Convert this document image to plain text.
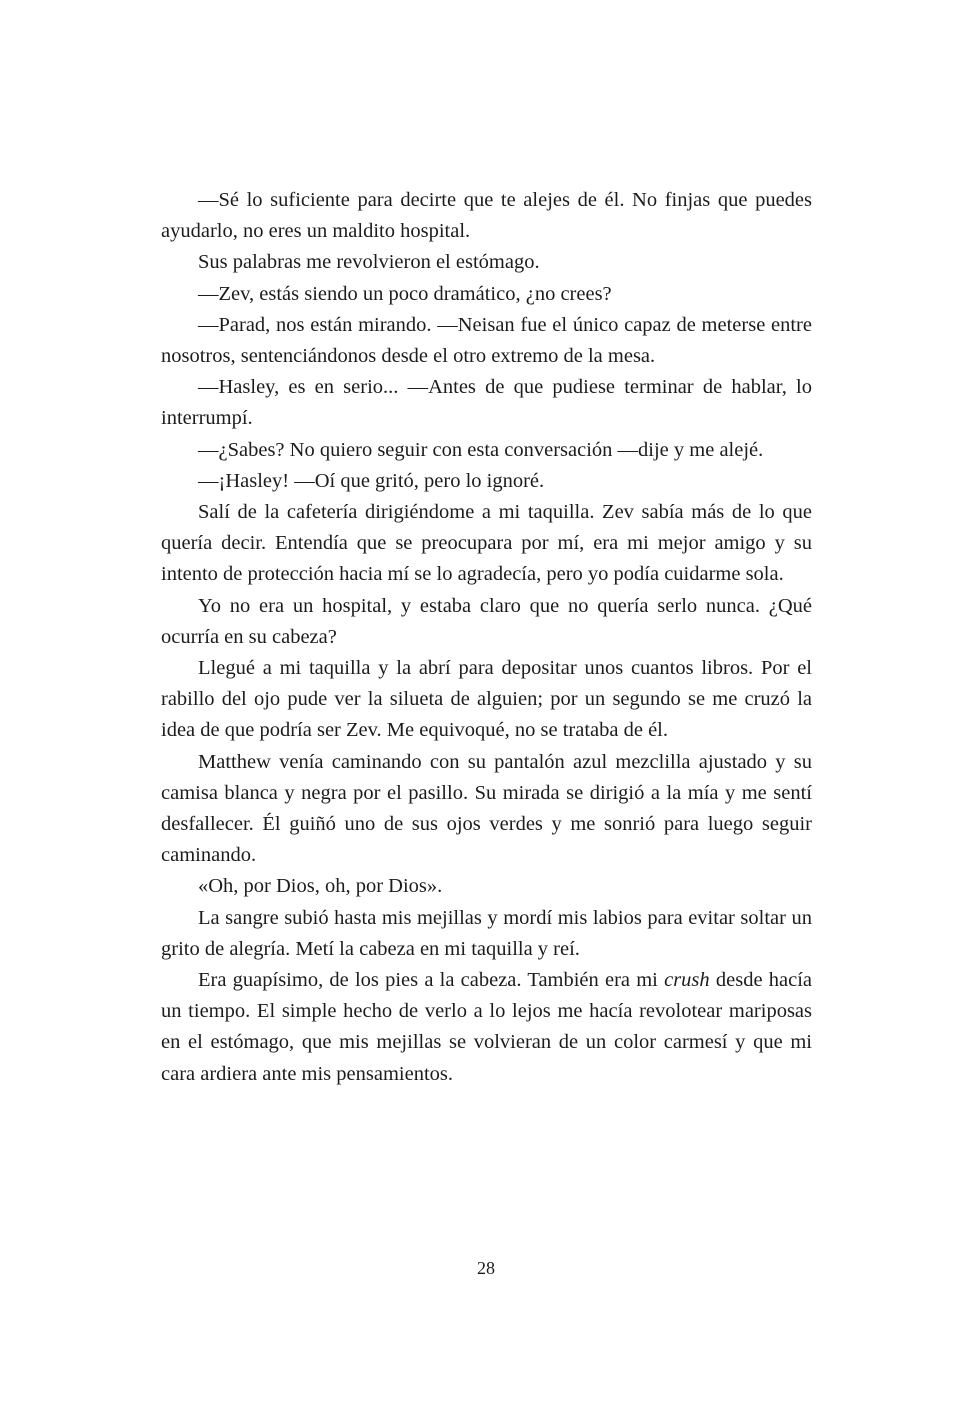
—Sé lo suficiente para decirte que te alejes de él. No finjas que puedes ayudarlo, no eres un maldito hospital.

Sus palabras me revolvieron el estómago.

—Zev, estás siendo un poco dramático, ¿no crees?

—Parad, nos están mirando. —Neisan fue el único capaz de meterse entre nosotros, sentenciándonos desde el otro extremo de la mesa.

—Hasley, es en serio... —Antes de que pudiese terminar de hablar, lo interrumpí.

—¿Sabes? No quiero seguir con esta conversación —dije y me alejé.

—¡Hasley! —Oí que gritó, pero lo ignoré.

Salí de la cafetería dirigiéndome a mi taquilla. Zev sabía más de lo que quería decir. Entendía que se preocupara por mí, era mi mejor amigo y su intento de protección hacia mí se lo agradecía, pero yo podía cuidarme sola.

Yo no era un hospital, y estaba claro que no quería serlo nunca. ¿Qué ocurría en su cabeza?

Llegué a mi taquilla y la abrí para depositar unos cuantos libros. Por el rabillo del ojo pude ver la silueta de alguien; por un segundo se me cruzó la idea de que podría ser Zev. Me equivoqué, no se trataba de él.

Matthew venía caminando con su pantalón azul mezclilla ajustado y su camisa blanca y negra por el pasillo. Su mirada se dirigió a la mía y me sentí desfallecer. Él guiñó uno de sus ojos verdes y me sonrió para luego seguir caminando.

«Oh, por Dios, oh, por Dios».

La sangre subió hasta mis mejillas y mordí mis labios para evitar soltar un grito de alegría. Metí la cabeza en mi taquilla y reí.

Era guapísimo, de los pies a la cabeza. También era mi crush desde hacía un tiempo. El simple hecho de verlo a lo lejos me hacía revolotear mariposas en el estómago, que mis mejillas se volvieran de un color carmesí y que mi cara ardiera ante mis pensamientos.

28
